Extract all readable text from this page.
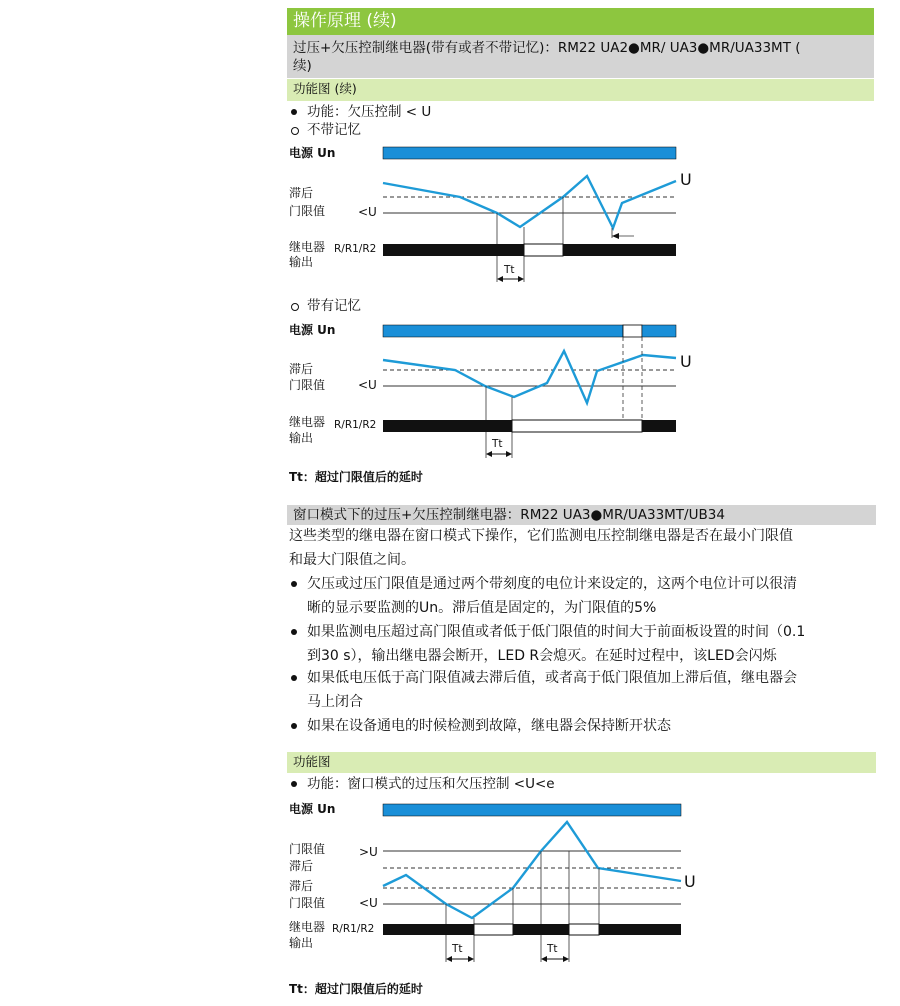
操作原理 (续)
过压+欠压控制继电器(带有或者不带记忆)：RM22 UA2●MR/ UA3●MR/UA33MT (
续)
功能图 (续)
功能：欠压控制 < U
不带记忆
电源 Un
滞后
门限值	<U
继电器
输出
R/R1/R2
Tt
U
带有记忆
电源 Un
滞后
门限值	<U
继电器
输出
R/R1/R2
Tt
U
Tt：超过门限值后的延时
窗口模式下的过压+欠压控制继电器：RM22 UA3●MR/UA33MT/UB34
这些类型的继电器在窗口模式下操作，它们监测电压控制继电器是否在最小门限值
和最大门限值之间。
欠压或过压门限值是通过两个带刻度的电位计来设定的，这两个电位计可以很清
晰的显示要监测的Un。滞后值是固定的，为门限值的5%
如果监测电压超过高门限值或者低于低门限值的时间大于前面板设置的时间（0.1
到30 s），输出继电器会断开，LED R会熄灭。在延时过程中，该LED会闪烁
如果低电压低于高门限值减去滞后值，或者高于低门限值加上滞后值，继电器会
马上闭合
如果在设备通电的时候检测到故障，继电器会保持断开状态
功能图
功能：窗口模式的过压和欠压控制 <U<e
电源 Un
门限值	>U
滞后
滞后
门限值	<U
继电器
输出
R/R1/R2
Tt	Tt
U
Tt：超过门限值后的延时
